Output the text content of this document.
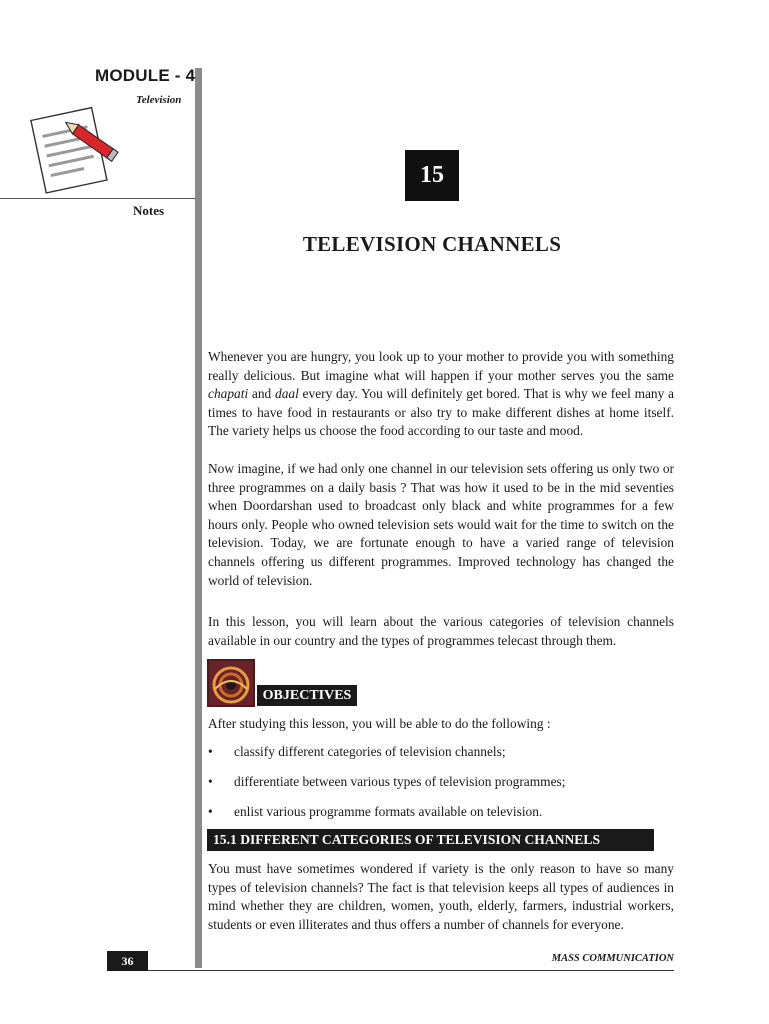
MODULE - 4
Television
Notes
15
TELEVISION CHANNELS
Whenever you are hungry, you look up to your mother to provide you with something really delicious. But imagine what will happen if your mother serves you the same chapati and daal every day. You will definitely get bored. That is why we feel many a times to have food in restaurants or also try to make different dishes at home itself. The variety helps us choose the food according to our taste and mood.
Now imagine, if we had only one channel in our television sets offering us only two or three programmes on a daily basis ? That was how it used to be in the mid seventies when Doordarshan used to broadcast only black and white programmes for a few hours only. People who owned television sets would wait for the time to switch on the television. Today, we are fortunate enough to have a varied range of television channels offering us different programmes. Improved technology has changed the world of television.
In this lesson, you will learn about the various categories of television channels available in our country and the types of programmes telecast through them.
OBJECTIVES
After studying this lesson, you will be able to do the following :
•	classify different categories of television channels;
•	differentiate between various types of television programmes;
•	enlist various programme formats available on television.
15.1 DIFFERENT CATEGORIES OF TELEVISION CHANNELS
You must have sometimes wondered if variety is the only reason to have so many types of television channels? The fact is that television keeps all types of audiences in mind whether they are children, women, youth, elderly, farmers, industrial workers, students or even illiterates and thus offers a number of channels for everyone.
36	MASS COMMUNICATION
